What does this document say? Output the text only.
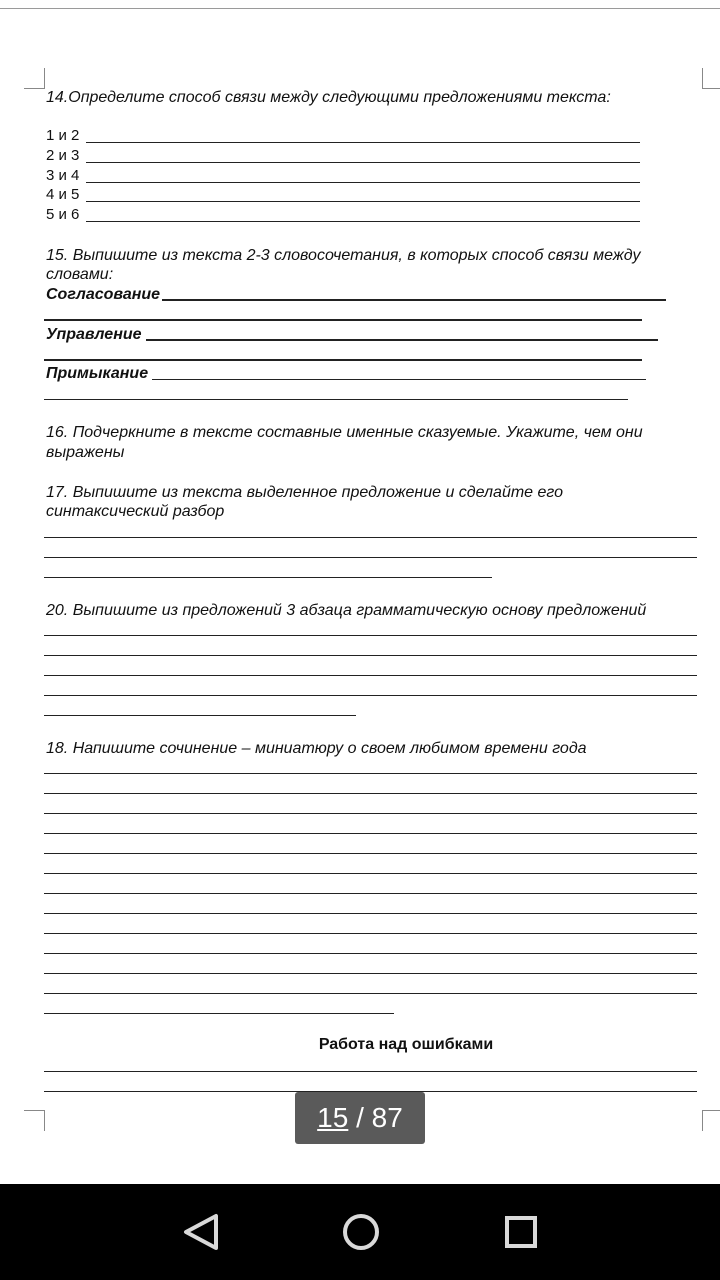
14.Определите способ связи между следующими предложениями текста:
1 и 2
2 и 3
3 и 4
4 и 5
5 и 6
15. Выпишите из текста 2-3 словосочетания, в которых способ связи между
словами:
Согласование
Управление
Примыкание
16. Подчеркните в тексте составные именные сказуемые. Укажите, чем они
выражены
17. Выпишите из текста выделенное предложение и сделайте его
синтаксический разбор
20. Выпишите из предложений 3 абзаца грамматическую основу предложений
18. Напишите сочинение – миниатюру о своем любимом времени года
Работа над ошибками
15 / 87
